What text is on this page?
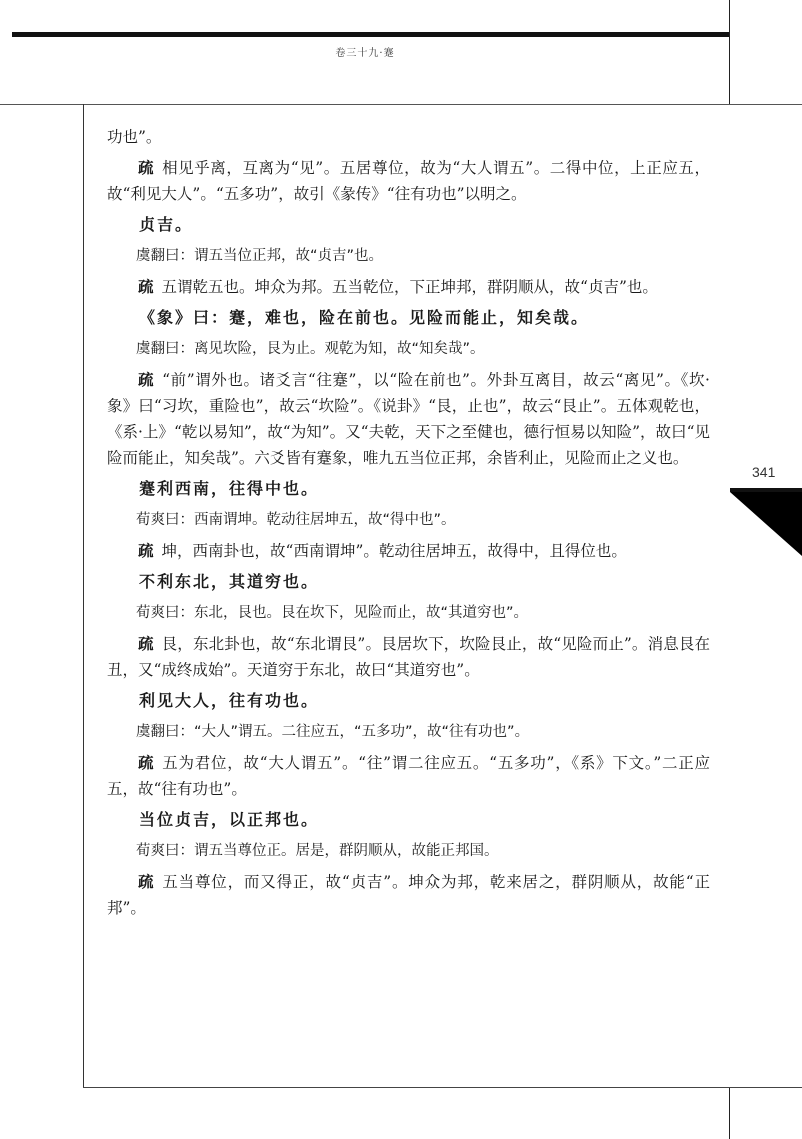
卷三十九·蹇
341

功也”。

疏 相见乎离，互离为“见”。五居尊位，故为“大人谓五”。二得中位，上正应五，故“利见大人”。“五多功”，故引《彖传》“往有功也”以明之。

贞吉。

虞翻曰：谓五当位正邦，故“贞吉”也。

疏 五谓乾五也。坤众为邦。五当乾位，下正坤邦，群阴顺从，故“贞吉”也。

《象》曰：蹇，难也，险在前也。见险而能止，知矣哉。

虞翻曰：离见坎险，艮为止。观乾为知，故“知矣哉”。

疏 “前”谓外也。诸爻言“往蹇”，以“险在前也”。外卦互离目，故云“离见”。《坎·象》曰“习坎，重险也”，故云“坎险”。《说卦》“艮，止也”，故云“艮止”。五体观乾也，《系·上》“乾以易知”，故“为知”。又“夫乾，天下之至健也，德行恒易以知险”，故曰“见险而能止，知矣哉”。六爻皆有蹇象，唯九五当位正邦，余皆利止，见险而止之义也。

蹇利西南，往得中也。

荀爽曰：西南谓坤。乾动往居坤五，故“得中也”。

疏 坤，西南卦也，故“西南谓坤”。乾动往居坤五，故得中，且得位也。

不利东北，其道穷也。

荀爽曰：东北，艮也。艮在坎下，见险而止，故“其道穷也”。

疏 艮，东北卦也，故“东北谓艮”。艮居坎下，坎险艮止，故“见险而止”。消息艮在丑，又“成终成始”。天道穷于东北，故曰“其道穷也”。

利见大人，往有功也。

虞翻曰：“大人”谓五。二往应五，“五多功”，故“往有功也”。

疏 五为君位，故“大人谓五”。“往”谓二往应五。“五多功”，《系》下文。”二正应五，故“往有功也”。

当位贞吉，以正邦也。

荀爽曰：谓五当尊位正。居是，群阴顺从，故能正邦国。

疏 五当尊位，而又得正，故“贞吉”。坤众为邦，乾来居之，群阴顺从，故能“正邦”。
